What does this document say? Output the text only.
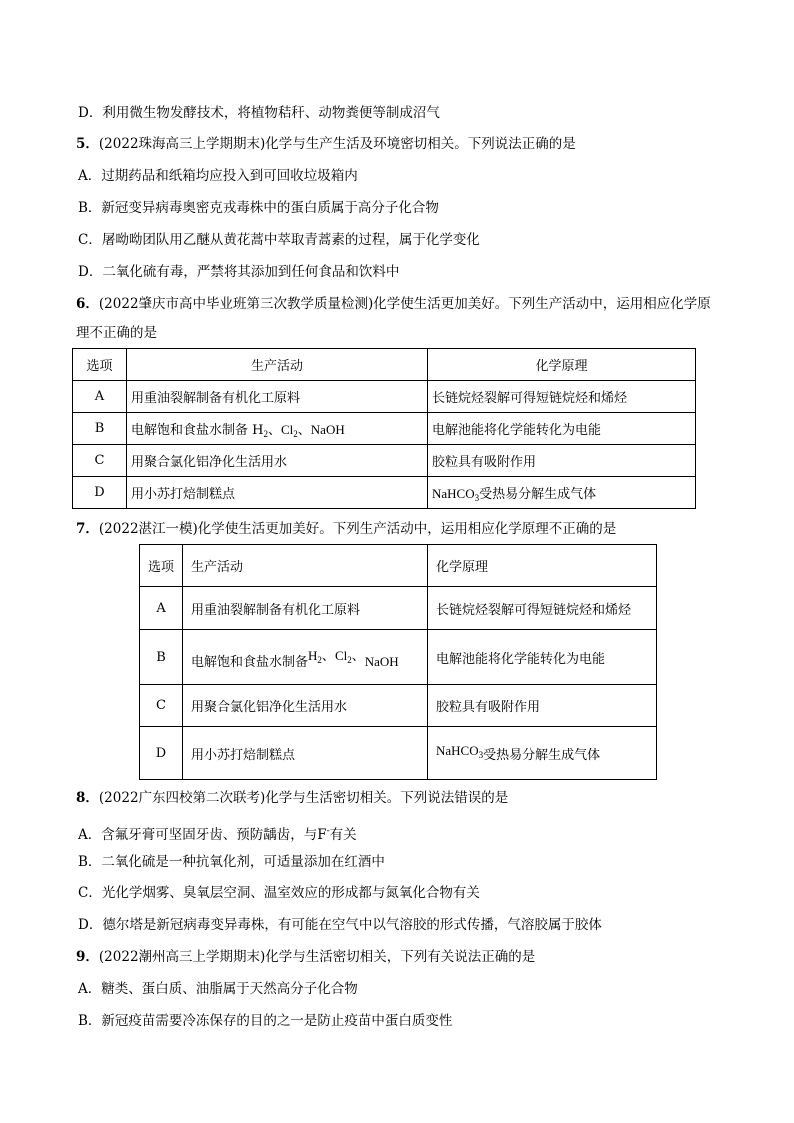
D．利用微生物发酵技术，将植物秸秆、动物粪便等制成沼气
5．(2022珠海高三上学期期末)化学与生产生活及环境密切相关。下列说法正确的是
A．过期药品和纸箱均应投入到可回收垃圾箱内
B．新冠变异病毒奥密克戎毒株中的蛋白质属于高分子化合物
C．屠呦呦团队用乙醚从黄花蒿中萃取青蒿素的过程，属于化学变化
D．二氧化硫有毒，严禁将其添加到任何食品和饮料中
6．(2022肇庆市高中毕业班第三次教学质量检测)化学使生活更加美好。下列生产活动中，运用相应化学原
理不正确的是
选项	生产活动	化学原理
A	用重油裂解制备有机化工原料	长链烷烃裂解可得短链烷烃和烯烃
B	电解饱和食盐水制备 $H_2$、$Cl_2$、NaOH	电解池能将化学能转化为电能
C	用聚合氯化铝净化生活用水	胶粒具有吸附作用
D	用小苏打焙制糕点	NaHCO$_3$受热易分解生成气体
7．(2022湛江一模)化学使生活更加美好。下列生产活动中，运用相应化学原理不正确的是
选项	生产活动	化学原理
A	用重油裂解制备有机化工原料	长链烷烃裂解可得短链烷烃和烯烃
B	电解饱和食盐水制备$H_2$、$Cl_2$、NaOH	电解池能将化学能转化为电能
C	用聚合氯化铝净化生活用水	胶粒具有吸附作用
D	用小苏打焙制糕点	NaHCO$_3$受热易分解生成气体
8．(2022广东四校第二次联考)化学与生活密切相关。下列说法错误的是
A．含氟牙膏可坚固牙齿、预防龋齿，与F-有关
B．二氧化硫是一种抗氧化剂，可适量添加在红酒中
C．光化学烟雾、臭氧层空洞、温室效应的形成都与氮氧化合物有关
D．德尔塔是新冠病毒变异毒株，有可能在空气中以气溶胶的形式传播，气溶胶属于胶体
9．(2022潮州高三上学期期末)化学与生活密切相关，下列有关说法正确的是
A．糖类、蛋白质、油脂属于天然高分子化合物
B．新冠疫苗需要冷冻保存的目的之一是防止疫苗中蛋白质变性
